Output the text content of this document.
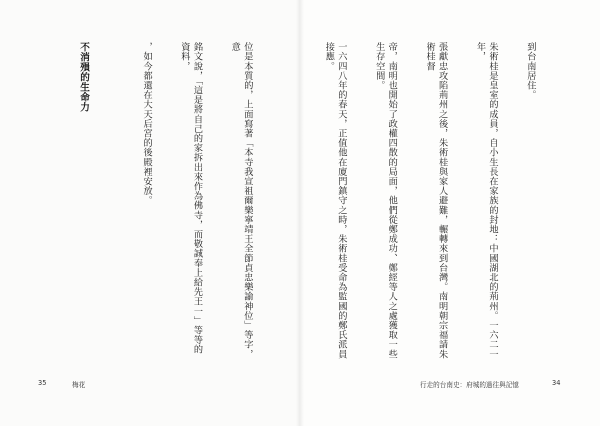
位是本質的，上面寫著「本寺我宣祖爾樂寧靖王全節貞忠樂諭神位」等字，意

銘文說，「這是將自己的家拆出來作為佛寺，而敬誠奉上給先王一」等等的資料，

，如今都還在大天后宮的後殿裡安放。

不消殞的生命力

	到台南居住。

朱術桂是皇室的成員，自小生長在家族的封地：中國湖北的荊州。一六二一年，

張獻忠攻陷荊州之後，朱術桂與家人避難，輾轉來到台灣。南明朝宗福請朱術桂督

帝，南明也開始了政權四散的局面，他們從鄭成功、鄭經等人之處獲取一些生存空間。

一六四八年的春天，正值他在廈門鎮守之時，朱術桂受命為監國的鄭氏派員接應。

35	梅花	行走的台南史：府城的過往與記憶	34
